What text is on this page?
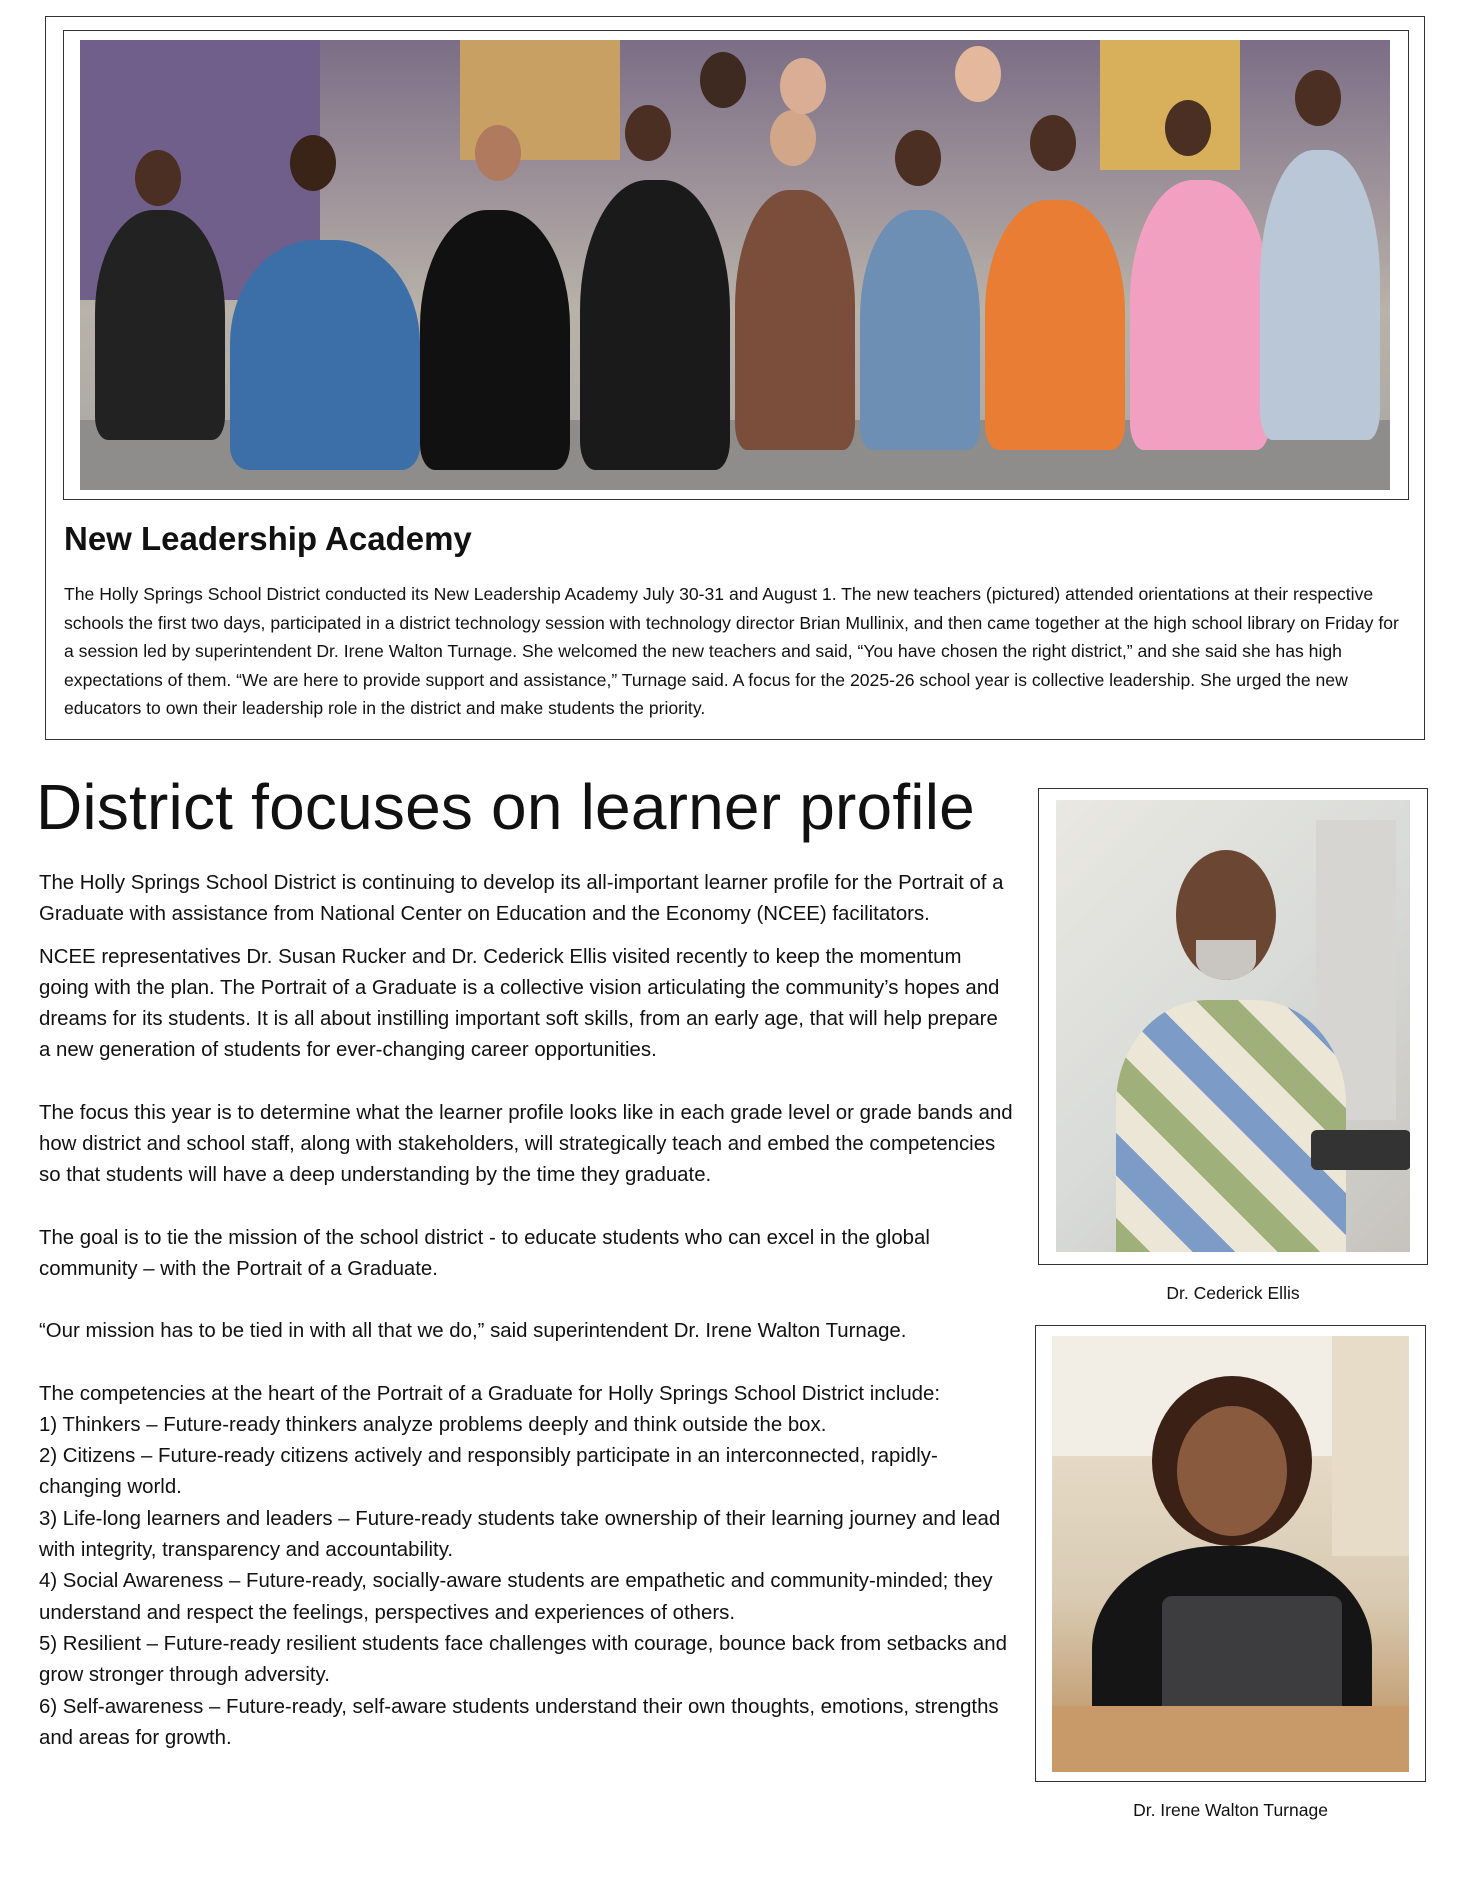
New Leadership Academy

The Holly Springs School District conducted its New Leadership Academy July 30-31 and August 1. The new teachers (pictured) attended orientations at their respective schools the first two days, participated in a district technology session with technology director Brian Mullinix, and then came together at the high school library on Friday for a session led by superintendent Dr. Irene Walton Turnage. She welcomed the new teachers and said, “You have chosen the right district,” and she said she has high expectations of them. “We are here to provide support and assistance,” Turnage said. A focus for the 2025-26 school year is collective leadership. She urged the new educators to own their leadership role in the district and make students the priority.

District focuses on learner profile

The Holly Springs School District is continuing to develop its all-important learner profile for the Portrait of a Graduate with assistance from National Center on Education and the Economy (NCEE) facilitators.

NCEE representatives Dr. Susan Rucker and Dr. Cederick Ellis visited recently to keep the momentum going with the plan. The Portrait of a Graduate is a collective vision articulating the community’s hopes and dreams for its students. It is all about instilling important soft skills, from an early age, that will help prepare a new generation of students for ever-changing career opportunities.

The focus this year is to determine what the learner profile looks like in each grade level or grade bands and how district and school staff, along with stakeholders, will strategically teach and embed the competencies so that students will have a deep understanding by the time they graduate.

The goal is to tie the mission of the school district - to educate students who can excel in the global community – with the Portrait of a Graduate.

“Our mission has to be tied in with all that we do,” said superintendent Dr. Irene Walton Turnage.

The competencies at the heart of the Portrait of a Graduate for Holly Springs School District include:

1) Thinkers – Future-ready thinkers analyze problems deeply and think outside the box.

2) Citizens – Future-ready citizens actively and responsibly participate in an interconnected, rapidly-changing world.

3) Life-long learners and leaders – Future-ready students take ownership of their learning journey and lead with integrity, transparency and accountability.

4) Social Awareness – Future-ready, socially-aware students are empathetic and community-minded; they understand and respect the feelings, perspectives and experiences of others.

5) Resilient – Future-ready resilient students face challenges with courage, bounce back from setbacks and grow stronger through adversity.

6) Self-awareness – Future-ready, self-aware students understand their own thoughts, emotions, strengths and areas for growth.

Dr. Cederick Ellis
Dr. Irene Walton Turnage
